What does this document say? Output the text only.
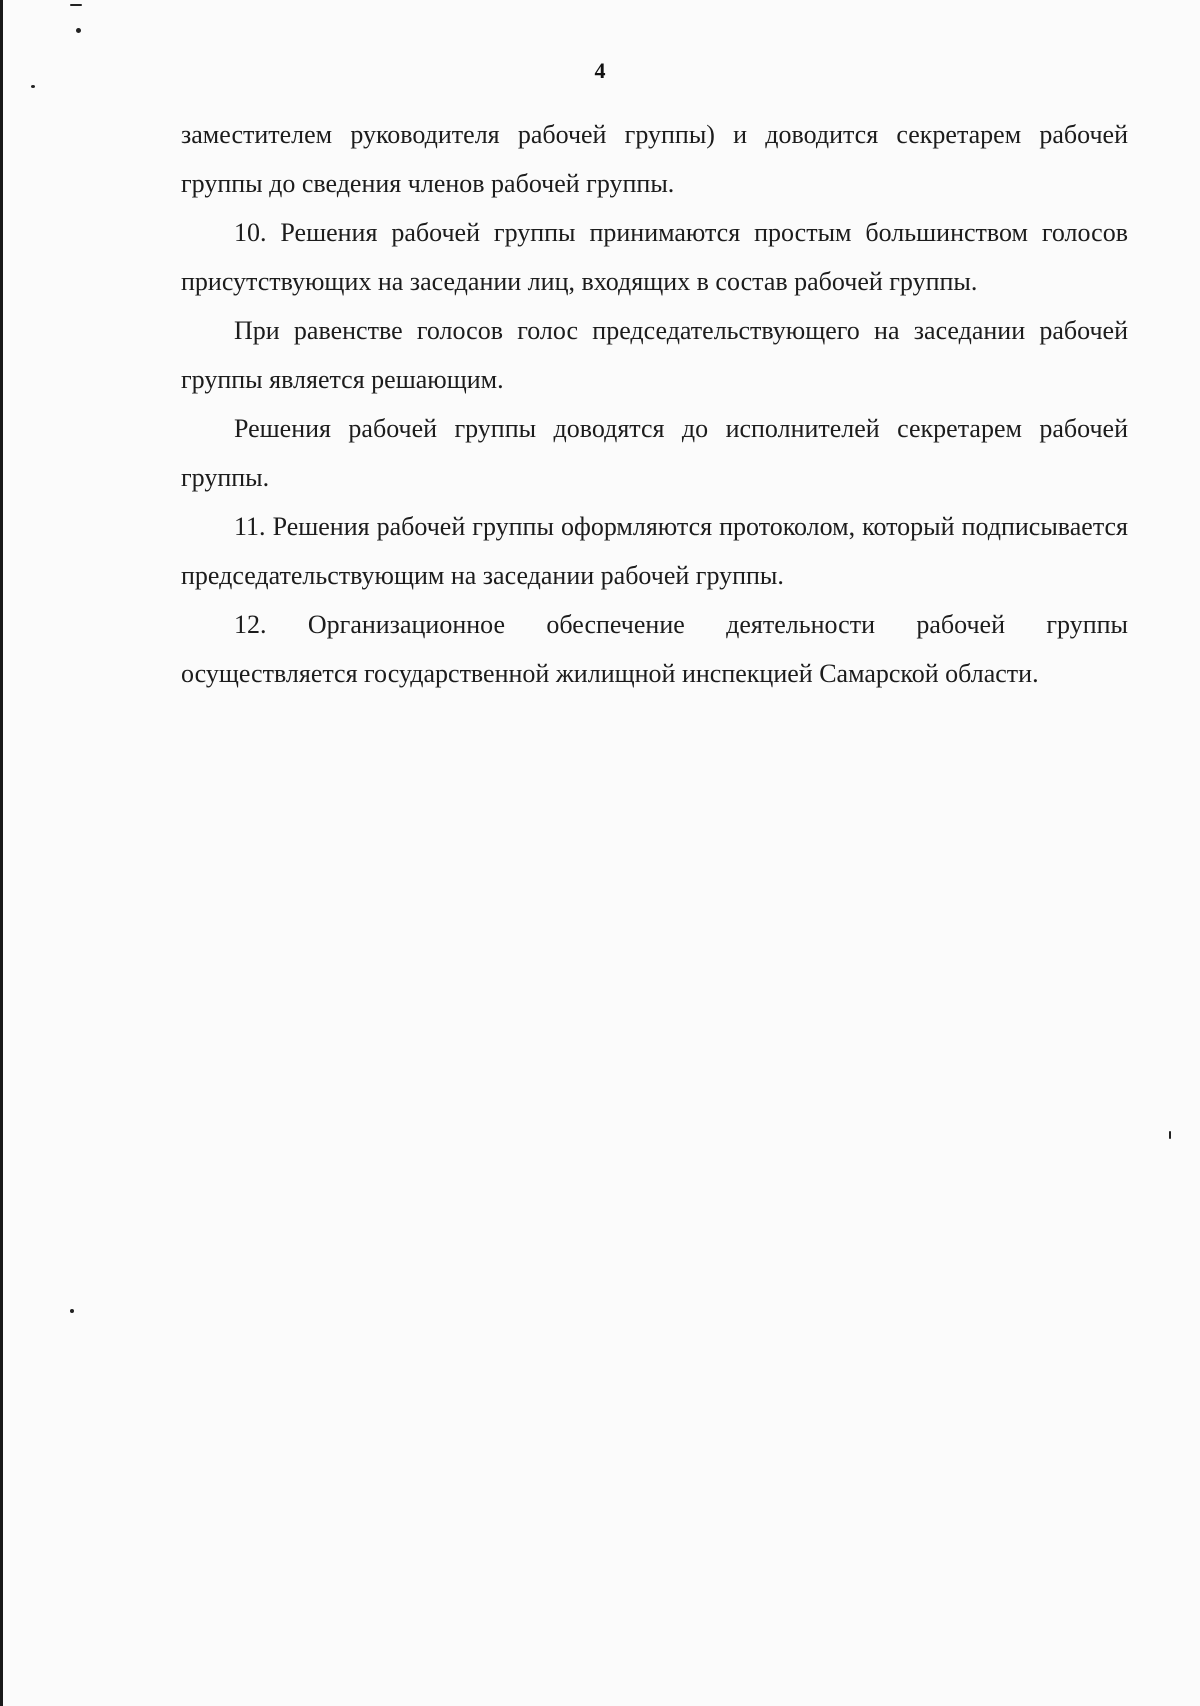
4

заместителем руководителя рабочей группы) и доводится секретарем рабочей группы до сведения членов рабочей группы.

10. Решения рабочей группы принимаются простым большинством голосов присутствующих на заседании лиц, входящих в состав рабочей группы.

При равенстве голосов голос председательствующего на заседании рабочей группы является решающим.

Решения рабочей группы доводятся до исполнителей секретарем рабочей группы.

11. Решения рабочей группы оформляются протоколом, который подписывается председательствующим на заседании рабочей группы.

12. Организационное обеспечение деятельности рабочей группы осуществляется государственной жилищной инспекцией Самарской области.
